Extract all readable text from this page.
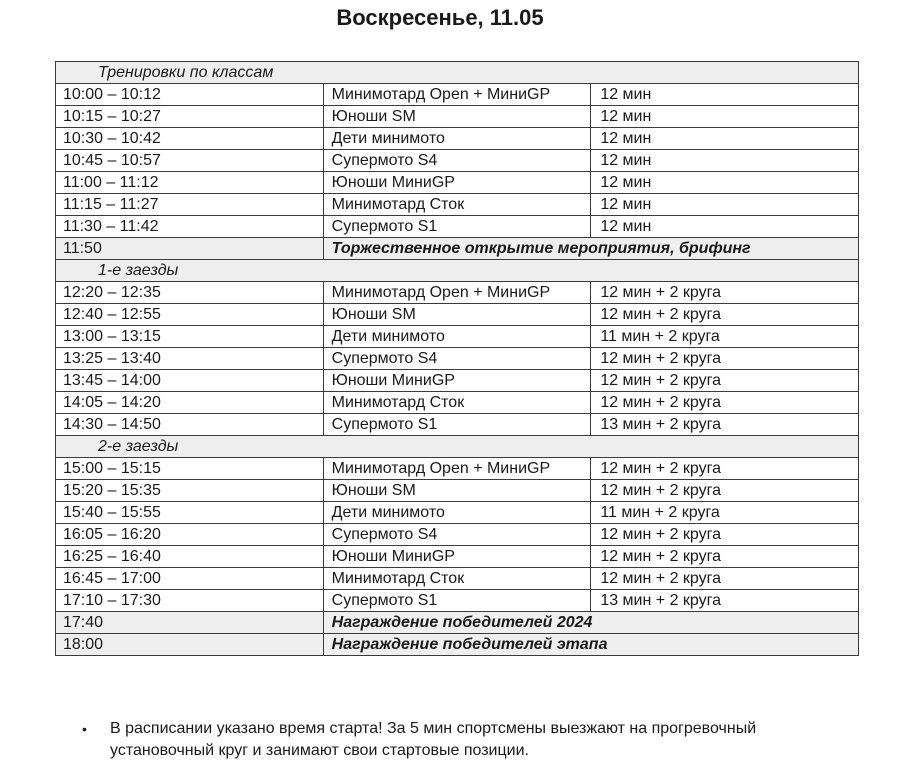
Воскресенье, 11.05
Тренировки по классам		
10:00 – 10:12	Минимотард Open + МиниGP	12 мин
10:15 – 10:27	Юноши SM	12 мин
10:30 – 10:42	Дети минимото	12 мин
10:45 – 10:57	Супермото S4	12 мин
11:00 – 11:12	Юноши МиниGP	12 мин
11:15 – 11:27	Минимотард Сток	12 мин
11:30 – 11:42	Супермото S1	12 мин
11:50	Торжественное открытие мероприятия, брифинг	
1-е заезды		
12:20 – 12:35	Минимотард Open + МиниGP	12 мин + 2 круга
12:40 – 12:55	Юноши SM	12 мин + 2 круга
13:00 – 13:15	Дети минимото	11 мин + 2 круга
13:25 – 13:40	Супермото S4	12 мин + 2 круга
13:45 – 14:00	Юноши МиниGP	12 мин + 2 круга
14:05 – 14:20	Минимотард Сток	12 мин + 2 круга
14:30 – 14:50	Супермото S1	13 мин + 2 круга
2-е заезды		
15:00 – 15:15	Минимотард Open + МиниGP	12 мин + 2 круга
15:20 – 15:35	Юноши SM	12 мин + 2 круга
15:40 – 15:55	Дети минимото	11 мин + 2 круга
16:05 – 16:20	Супермото S4	12 мин + 2 круга
16:25 – 16:40	Юноши МиниGP	12 мин + 2 круга
16:45 – 17:00	Минимотард Сток	12 мин + 2 круга
17:10 – 17:30	Супермото S1	13 мин + 2 круга
17:40	Награждение победителей 2024	
18:00	Награждение победителей этапа	
• В расписании указано время старта! За 5 мин спортсмены выезжают на прогревочный установочный круг и занимают свои стартовые позиции.
